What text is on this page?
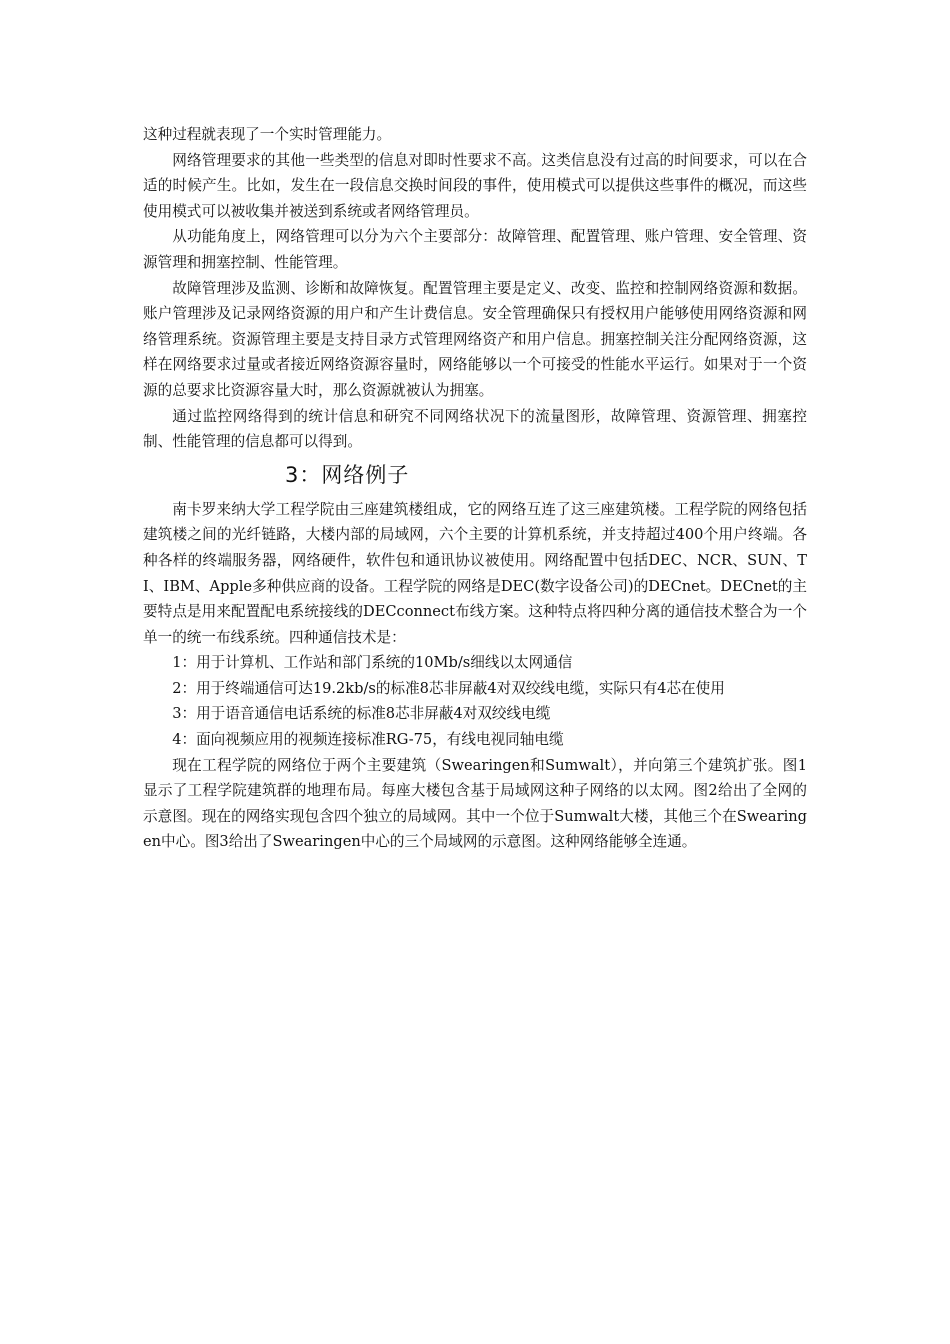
这种过程就表现了一个实时管理能力。

网络管理要求的其他一些类型的信息对即时性要求不高。这类信息没有过高的时间要求，可以在合适的时候产生。比如，发生在一段信息交换时间段的事件，使用模式可以提供这些事件的概况，而这些使用模式可以被收集并被送到系统或者网络管理员。

从功能角度上，网络管理可以分为六个主要部分：故障管理、配置管理、账户管理、安全管理、资源管理和拥塞控制、性能管理。

故障管理涉及监测、诊断和故障恢复。配置管理主要是定义、改变、监控和控制网络资源和数据。账户管理涉及记录网络资源的用户和产生计费信息。安全管理确保只有授权用户能够使用网络资源和网络管理系统。资源管理主要是支持目录方式管理网络资产和用户信息。拥塞控制关注分配网络资源，这样在网络要求过量或者接近网络资源容量时，网络能够以一个可接受的性能水平运行。如果对于一个资源的总要求比资源容量大时，那么资源就被认为拥塞。

通过监控网络得到的统计信息和研究不同网络状况下的流量图形，故障管理、资源管理、拥塞控制、性能管理的信息都可以得到。

3：网络例子

南卡罗来纳大学工程学院由三座建筑楼组成，它的网络互连了这三座建筑楼。工程学院的网络包括建筑楼之间的光纤链路，大楼内部的局域网，六个主要的计算机系统，并支持超过400个用户终端。各种各样的终端服务器，网络硬件，软件包和通讯协议被使用。网络配置中包括DEC、NCR、SUN、TI、IBM、Apple多种供应商的设备。工程学院的网络是DEC(数字设备公司)的DECnet。DECnet的主要特点是用来配置配电系统接线的DECconnect布线方案。这种特点将四种分离的通信技术整合为一个单一的统一布线系统。四种通信技术是：

1：用于计算机、工作站和部门系统的10Mb/s细线以太网通信

2：用于终端通信可达19.2kb/s的标准8芯非屏蔽4对双绞线电缆，实际只有4芯在使用

3：用于语音通信电话系统的标准8芯非屏蔽4对双绞线电缆

4：面向视频应用的视频连接标准RG-75，有线电视同轴电缆

现在工程学院的网络位于两个主要建筑（Swearingen和Sumwalt），并向第三个建筑扩张。图1显示了工程学院建筑群的地理布局。每座大楼包含基于局域网这种子网络的以太网。图2给出了全网的示意图。现在的网络实现包含四个独立的局域网。其中一个位于Sumwalt大楼，其他三个在Swearingen中心。图3给出了Swearingen中心的三个局域网的示意图。这种网络能够全连通。
